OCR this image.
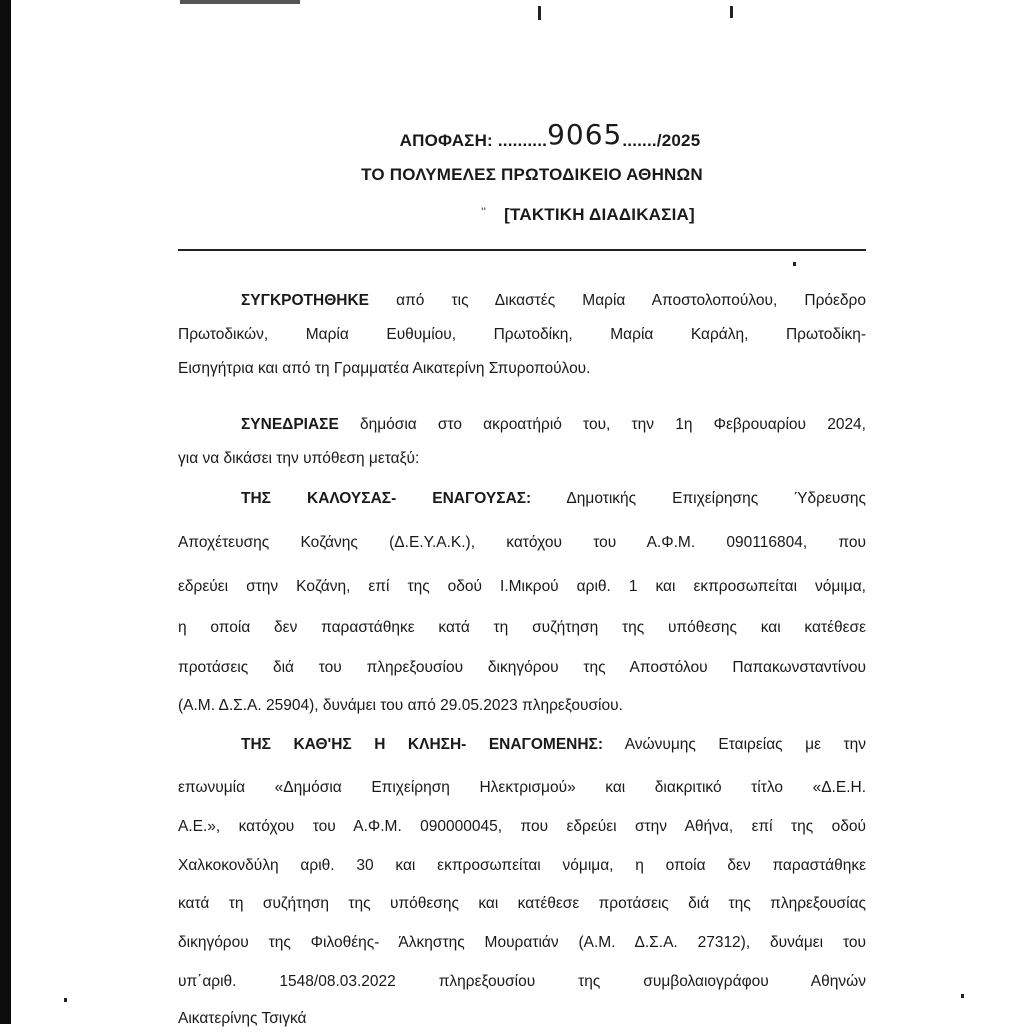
ΑΠΟΦΑΣΗ: ..........9065......./2025
ΤΟ ΠΟΛΥΜΕΛΕΣ ΠΡΩΤΟΔΙΚΕΙΟ ΑΘΗΝΩΝ
'' [ΤΑΚΤΙΚΗ ΔΙΑΔΙΚΑΣΙΑ]
ΣΥΓΚΡΟΤΗΘΗΚΕ από τις Δικαστές Μαρία Αποστολοπούλου, Πρόεδρο
Πρωτοδικών, Μαρία Ευθυμίου, Πρωτοδίκη, Μαρία Καράλη, Πρωτοδίκη-
Εισηγήτρια και από τη Γραμματέα Αικατερίνη Σπυροπούλου.
ΣΥΝΕΔΡΙΑΣΕ δημόσια στο ακροατήριό του, την 1η Φεβρουαρίου 2024,
για να δικάσει την υπόθεση μεταξύ:
ΤΗΣ ΚΑΛΟΥΣΑΣ- ΕΝΑΓΟΥΣΑΣ: Δημοτικής Επιχείρησης Ύδρευσης
Αποχέτευσης Κοζάνης (Δ.Ε.Υ.Α.Κ.), κατόχου του Α.Φ.Μ. 090116804, που
εδρεύει στην Κοζάνη, επί της οδού Ι.Μικρού αριθ. 1 και εκπροσωπείται νόμιμα,
η οποία δεν παραστάθηκε κατά τη συζήτηση της υπόθεσης και κατέθεσε
προτάσεις διά του πληρεξουσίου δικηγόρου της Αποστόλου Παπακωνσταντίνου
(Α.Μ. Δ.Σ.Α. 25904), δυνάμει του από 29.05.2023 πληρεξουσίου.
ΤΗΣ ΚΑΘ'ΗΣ Η ΚΛΗΣΗ- ΕΝΑΓΟΜΕΝΗΣ: Ανώνυμης Εταιρείας με την
επωνυμία «Δημόσια Επιχείρηση Ηλεκτρισμού» και διακριτικό τίτλο «Δ.Ε.Η.
Α.Ε.», κατόχου του Α.Φ.Μ. 090000045, που εδρεύει στην Αθήνα, επί της οδού
Χαλκοκονδύλη αριθ. 30 και εκπροσωπείται νόμιμα, η οποία δεν παραστάθηκε
κατά τη συζήτηση της υπόθεσης και κατέθεσε προτάσεις διά της πληρεξουσίας
δικηγόρου της Φιλοθέης- Άλκηστης Μουρατιάν (Α.Μ. Δ.Σ.Α. 27312), δυνάμει του
υπ΄αριθ. 1548/08.03.2022 πληρεξουσίου της συμβολαιογράφου Αθηνών
Αικατερίνης Τσιγκά
